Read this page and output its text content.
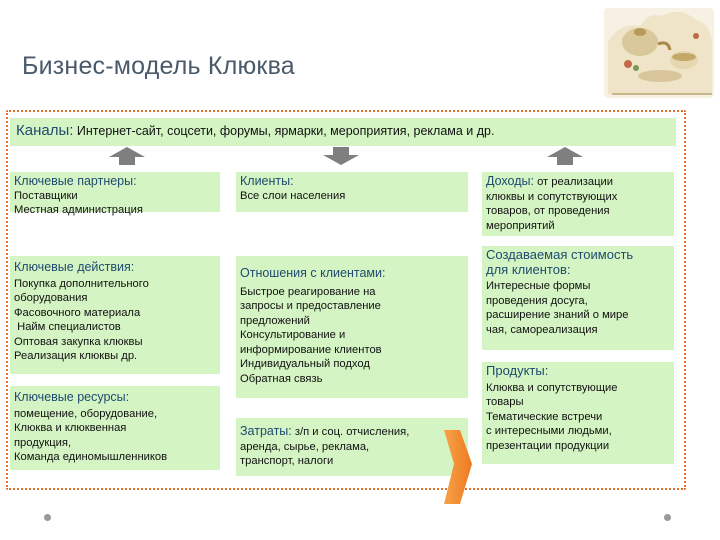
Бизнес-модель Клюква
Каналы: Интернет-сайт, соцсети, форумы, ярмарки, мероприятия, реклама и др.
Ключевые партнеры:
Поставщики
Местная администрация
Клиенты:
Все слои населения
Доходы: от реализации
клюквы и сопутствующих
товаров, от проведения
мероприятий
Ключевые действия:
Покупка дополнительного
оборудования
Фасовочного материала
Найм специалистов
Оптовая закупка клюквы
Реализация клюквы др.
Отношения с клиентами:
Быстрое реагирование на
запросы и предоставление
предложений
Консультирование и
информирование клиентов
Индивидуальный подход
Обратная связь
Создаваемая стоимость
для клиентов:
Интересные формы
проведения досуга,
расширение знаний о мире
чая, самореализация
Ключевые ресурсы:
помещение, оборудование,
Клюква и клюквенная
продукция,
Команда единомышленников
Затраты: з/п и соц. отчисления,
аренда, сырье, реклама,
транспорт, налоги
Продукты:
Клюква и сопутствующие
товары
Тематические встречи
с интересными людьми,
презентации продукции
